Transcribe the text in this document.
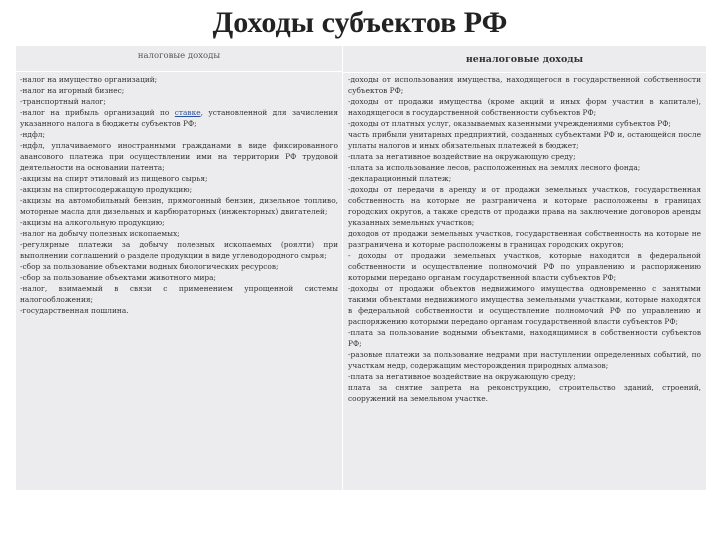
Доходы субъектов РФ
налоговые доходы	неналоговые доходы
-налог на имущество организаций;
-налог на игорный бизнес;
-транспортный налог;
-налог на прибыль организаций по ставке, установленной для зачисления указанного налога в бюджеты субъектов РФ;
-ндфл;
-ндфл, уплачиваемого иностранными гражданами в виде фиксированного авансового платежа при осуществлении ими на территории РФ трудовой деятельности на основании патента;
-акцизы на спирт этиловый из пищевого сырья;
-акцизы на спиртосодержащую продукцию;
-акцизы на автомобильный бензин, прямогонный бензин, дизельное топливо, моторные масла для дизельных и карбюраторных (инжекторных) двигателей;
-акцизы на алкогольную продукцию;
-налог на добычу полезных ископаемых;
-регулярные платежи за добычу полезных ископаемых (роялти) при выполнении соглашений о разделе продукции в виде углеводородного сырья;
-сбор за пользование объектами водных биологических ресурсов;
-сбор за пользование объектами животного мира;
-налог, взимаемый в связи с применением упрощенной системы налогообложения;
-государственная пошлина.
-доходы от использования имущества, находящегося в государственной собственности субъектов РФ;
-доходы от продажи имущества (кроме акций и иных форм участия в капитале), находящегося в государственной собственности субъектов РФ;
-доходы от платных услуг, оказываемых казенными учреждениями субъектов РФ;
часть прибыли унитарных предприятий, созданных субъектами РФ и, остающейся после уплаты налогов и иных обязательных платежей в бюджет;
-плата за негативное воздействие на окружающую среду;
-плата за использование лесов, расположенных на землях лесного фонда;
-декларационный платеж;
-доходы от передачи в аренду и от продажи земельных участков, государственная собственность на которые не разграничена и которые расположены в границах городских округов, а также средств от продажи права на заключение договоров аренды указанных земельных участков;
доходов от продажи земельных участков, государственная собственность на которые не разграничена и которые расположены в границах городских округов;
- доходы от продажи земельных участков, которые находятся в федеральной собственности и осуществление полномочий РФ по управлению и распоряжению которыми передано органам государственной власти субъектов РФ;
-доходы от продажи объектов недвижимого имущества одновременно с занятыми такими объектами недвижимого имущества земельными участками, которые находятся в федеральной собственности и осуществление полномочий РФ по управлению и распоряжению которыми передано органам государственной власти субъектов РФ;
-плата за пользование водными объектами, находящимися в собственности субъектов РФ;
-разовые платежи за пользование недрами при наступлении определенных событий, по участкам недр, содержащим месторождения природных алмазов;
-плата за негативное воздействие на окружающую среду;
плата за снятие запрета на реконструкцию, строительство зданий, строений, сооружений на земельном участке.
